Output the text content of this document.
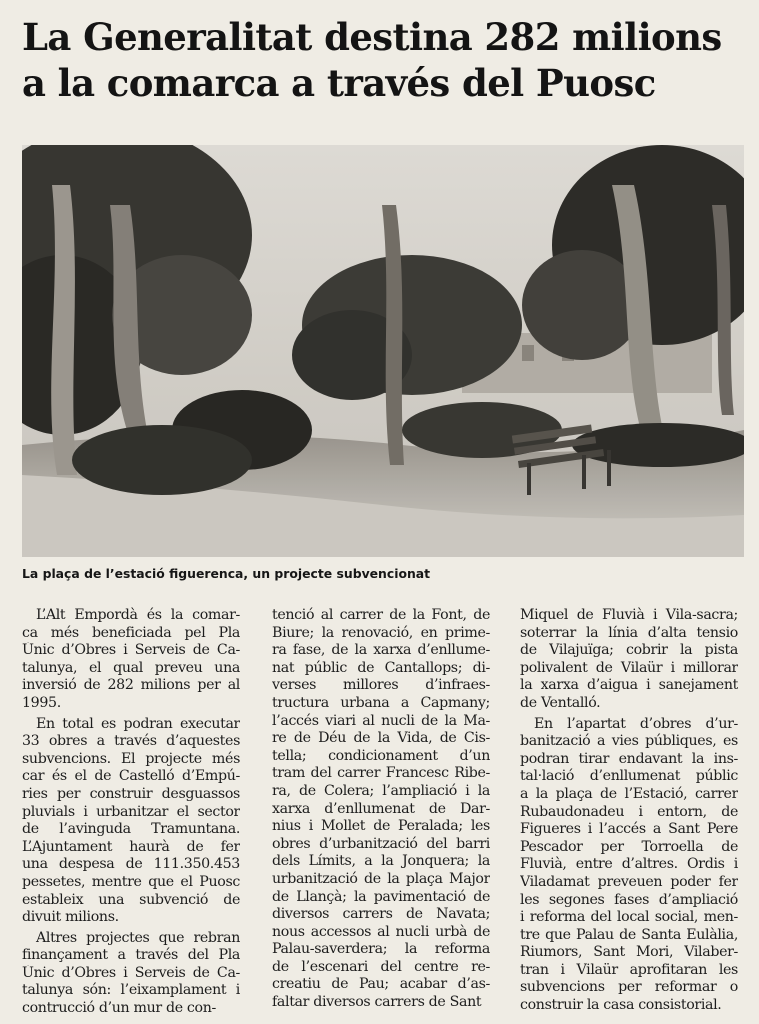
La Generalitat destina 282 milions
a la comarca a través del Puosc

La plaça de l’estació figuerenca, un projecte subvencionat

L’Alt Empordà és la comar-
ca més beneficiada pel Pla
Únic d’Obres i Serveis de Ca-
talunya, el qual preveu una
inversió de 282 milions per al
1995.
En total es podran executar
33 obres a través d’aquestes
subvencions. El projecte més
car és el de Castelló d’Empú-
ries per construir desguassos
pluvials i urbanitzar el sector
de l’avinguda Tramuntana.
L’Ajuntament haurà de fer
una despesa de 111.350.453
pessetes, mentre que el Puosc
estableix una subvenció de
divuit milions.
Altres projectes que rebran
finançament a través del Pla
Únic d’Obres i Serveis de Ca-
talunya són: l’eixamplament i
contrucció d’un mur de con-
tenció al carrer de la Font, de
Biure; la renovació, en prime-
ra fase, de la xarxa d’enllume-
nat públic de Cantallops; di-
verses millores d’infraes-
tructura urbana a Capmany;
l’accés viari al nucli de la Ma-
re de Déu de la Vida, de Cis-
tella; condicionament d’un
tram del carrer Francesc Ribe-
ra, de Colera; l’ampliació i la
xarxa d’enllumenat de Dar-
nius i Mollet de Peralada; les
obres d’urbanització del barri
dels Límits, a la Jonquera; la
urbanització de la plaça Major
de Llançà; la pavimentació de
diversos carrers de Navata;
nous accessos al nucli urbà de
Palau-saverdera; la reforma
de l’escenari del centre re-
creatiu de Pau; acabar d’as-
faltar diversos carrers de Sant
Miquel de Fluvià i Vila-sacra;
soterrar la línia d’alta tensio
de Vilajuïga; cobrir la pista
polivalent de Vilaür i millorar
la xarxa d’aigua i sanejament
de Ventalló.
En l’apartat d’obres d’ur-
banització a vies públiques, es
podran tirar endavant la ins-
tal·lació d’enllumenat públic
a la plaça de l’Estació, carrer
Rubaudonadeu i entorn, de
Figueres i l’accés a Sant Pere
Pescador per Torroella de
Fluvià, entre d’altres. Ordis i
Viladamat preveuen poder fer
les segones fases d’ampliació
i reforma del local social, men-
tre que Palau de Santa Eulàlia,
Riumors, Sant Mori, Vilaber-
tran i Vilaür aprofitaran les
subvencions per reformar o
construir la casa consistorial.
